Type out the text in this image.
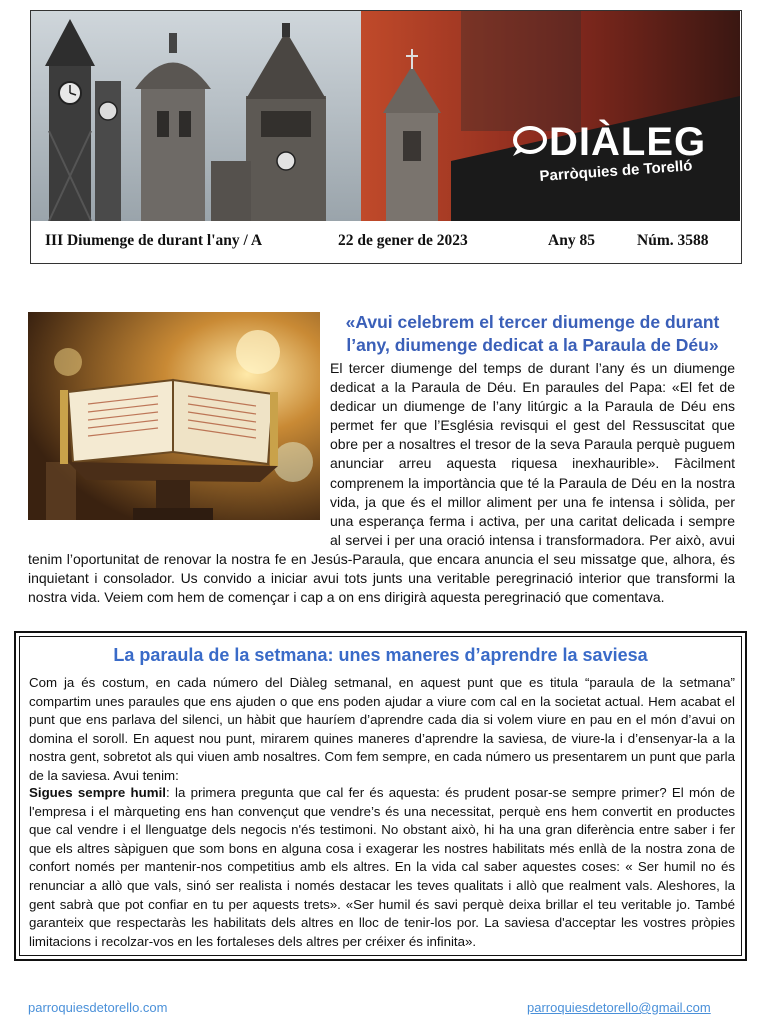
DIÀLEG
Parròquies de Torelló
III Diumenge de durant l'any / A	22 de gener de 2023	Any 85	Núm. 3588
«Avui celebrem el tercer diumenge de durant l’any, diumenge dedicat a la Paraula de Déu»

El tercer diumenge del temps de durant l’any és un diumenge dedicat a la Paraula de Déu. En paraules del Papa: «El fet de dedicar un diumenge de l’any litúrgic a la Paraula de Déu ens permet fer que l’Església revisqui el gest del Ressuscitat que obre per a nosaltres el tresor de la seva Paraula perquè puguem anunciar arreu aquesta riquesa inexhaurible». Fàcilment comprenem la importància que té la Paraula de Déu en la nostra vida, ja que és el millor aliment per una fe intensa i sòlida, per una esperança ferma i activa, per una caritat delicada i sempre al servei i per una oració intensa i transformadora. Per això, avui tenim l’oportunitat de renovar la nostra fe en Jesús-Paraula, que encara anuncia el seu missatge que, alhora, és inquietant i consolador. Us convido a iniciar avui tots junts una veritable peregrinació interior que transformi la nostra vida. Veiem com hem de començar i cap a on ens dirigirà aquesta peregrinació que comentava.

La paraula de la setmana: unes maneres d’aprendre la saviesa

Com ja és costum, en cada número del Diàleg setmanal, en aquest punt que es titula “paraula de la setmana” compartim unes paraules que ens ajuden o que ens poden ajudar a viure com cal en la societat actual. Hem acabat el punt que ens parlava del silenci, un hàbit que hauríem d’aprendre cada dia si volem viure en pau en el món d’avui on domina el soroll. En aquest nou punt, mirarem quines maneres d’aprendre la saviesa, de viure-la i d’ensenyar-la a la nostra gent, sobretot als qui viuen amb nosaltres. Com fem sempre, en cada número us presentarem un punt que parla de la saviesa. Avui tenim:

Sigues sempre humil: la primera pregunta que cal fer és aquesta: és prudent posar-se sempre primer? El món de l'empresa i el màrqueting ens han convençut que vendre’s és una necessitat, perquè ens hem convertit en productes que cal vendre i el llenguatge dels negocis n'és testimoni. No obstant això, hi ha una gran diferència entre saber i fer que els altres sàpiguen que som bons en alguna cosa i exagerar les nostres habilitats més enllà de la nostra zona de confort només per mantenir-nos competitius amb els altres. En la vida cal saber aquestes coses: « Ser humil no és renunciar a allò que vals, sinó ser realista i només destacar les teves qualitats i allò que realment vals. Aleshores, la gent sabrà que pot confiar en tu per aquests trets». «Ser humil és savi perquè deixa brillar el teu veritable jo. També garanteix que respectaràs les habilitats dels altres en lloc de tenir-los por. La saviesa d'acceptar les vostres pròpies limitacions i recolzar-vos en les fortaleses dels altres per créixer és infinita».

parroquiesdetorello.com	parroquiesdetorello@gmail.com
